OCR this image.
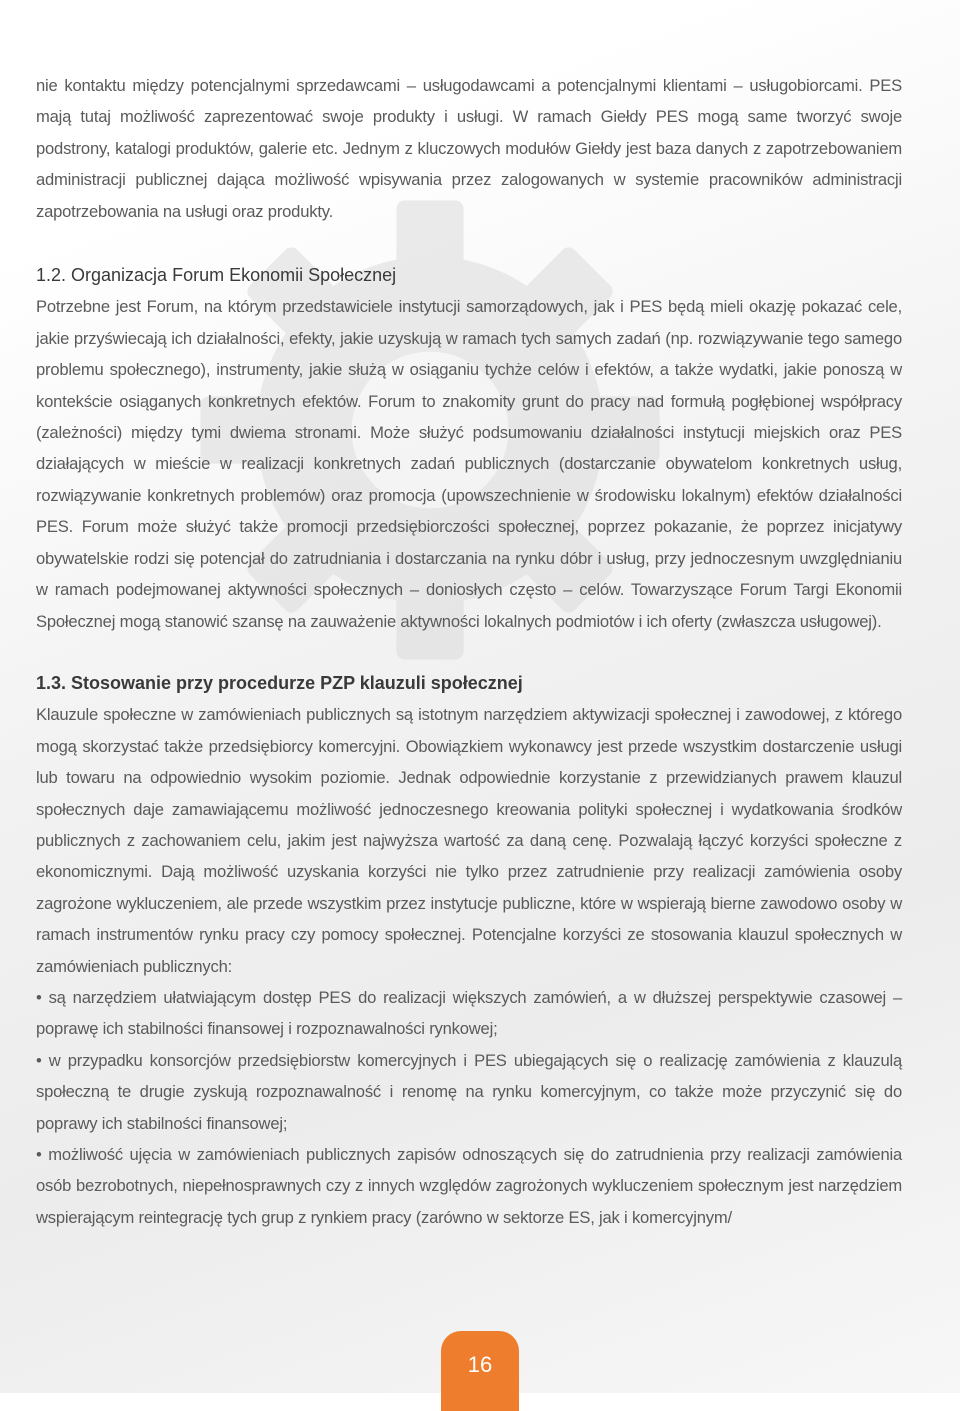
nie kontaktu między potencjalnymi sprzedawcami – usługodawcami a potencjalnymi klientami – usługobiorcami. PES mają tutaj możliwość zaprezentować swoje produkty i usługi. W ramach Giełdy PES mogą same tworzyć swoje podstrony, katalogi produktów, galerie etc. Jednym z kluczowych modułów Giełdy jest baza danych z zapotrzebowaniem administracji publicznej dająca możliwość wpisywania przez zalogowanych w systemie pracowników administracji zapotrzebowania na usługi oraz produkty.

1.2. Organizacja Forum Ekonomii Społecznej

Potrzebne jest Forum, na którym przedstawiciele instytucji samorządowych, jak i PES będą mieli okazję pokazać cele, jakie przyświecają ich działalności, efekty, jakie uzyskują w ramach tych samych zadań (np. rozwiązywanie tego samego problemu społecznego), instrumenty, jakie służą w osiąganiu tychże celów i efektów, a także wydatki, jakie ponoszą w kontekście osiąganych konkretnych efektów. Forum to znakomity grunt do pracy nad formułą pogłębionej współpracy (zależności) między tymi dwiema stronami. Może służyć podsumowaniu działalności instytucji miejskich oraz PES działających w mieście w realizacji konkretnych zadań publicznych (dostarczanie obywatelom konkretnych usług, rozwiązywanie konkretnych problemów) oraz promocja (upowszechnienie w środowisku lokalnym) efektów działalności PES. Forum może służyć także promocji przedsiębiorczości społecznej, poprzez pokazanie, że poprzez inicjatywy obywatelskie rodzi się potencjał do zatrudniania i dostarczania na rynku dóbr i usług, przy jednoczesnym uwzględnianiu w ramach podejmowanej aktywności społecznych – doniosłych często – celów. Towarzyszące Forum Targi Ekonomii Społecznej mogą stanowić szansę na zauważenie aktywności lokalnych podmiotów i ich oferty (zwłaszcza usługowej).

1.3. Stosowanie przy procedurze PZP klauzuli społecznej

Klauzule społeczne w zamówieniach publicznych są istotnym narzędziem aktywizacji społecznej i zawodowej, z którego mogą skorzystać także przedsiębiorcy komercyjni. Obowiązkiem wykonawcy jest przede wszystkim dostarczenie usługi lub towaru na odpowiednio wysokim poziomie. Jednak odpowiednie korzystanie z przewidzianych prawem klauzul społecznych daje zamawiającemu możliwość jednoczesnego kreowania polityki społecznej i wydatkowania środków publicznych z zachowaniem celu, jakim jest najwyższa wartość za daną cenę. Pozwalają łączyć korzyści społeczne z ekonomicznymi. Dają możliwość uzyskania korzyści nie tylko przez zatrudnienie przy realizacji zamówienia osoby zagrożone wykluczeniem, ale przede wszystkim przez instytucje publiczne, które w wspierają bierne zawodowo osoby w ramach instrumentów rynku pracy czy pomocy społecznej. Potencjalne korzyści ze stosowania klauzul społecznych w zamówieniach publicznych:

• są narzędziem ułatwiającym dostęp PES do realizacji większych zamówień, a w dłuższej perspektywie czasowej – poprawę ich stabilności finansowej i rozpoznawalności rynkowej;

• w przypadku konsorcjów przedsiębiorstw komercyjnych i PES ubiegających się o realizację zamówienia z klauzulą społeczną te drugie zyskują rozpoznawalność i renomę na rynku komercyjnym, co także może przyczynić się do poprawy ich stabilności finansowej;

• możliwość ujęcia w zamówieniach publicznych zapisów odnoszących się do zatrudnienia przy realizacji zamówienia osób bezrobotnych, niepełnosprawnych czy z innych względów zagrożonych wykluczeniem społecznym jest narzędziem wspierającym reintegrację tych grup z rynkiem pracy (zarówno w sektorze ES, jak i komercyjnym/

16
